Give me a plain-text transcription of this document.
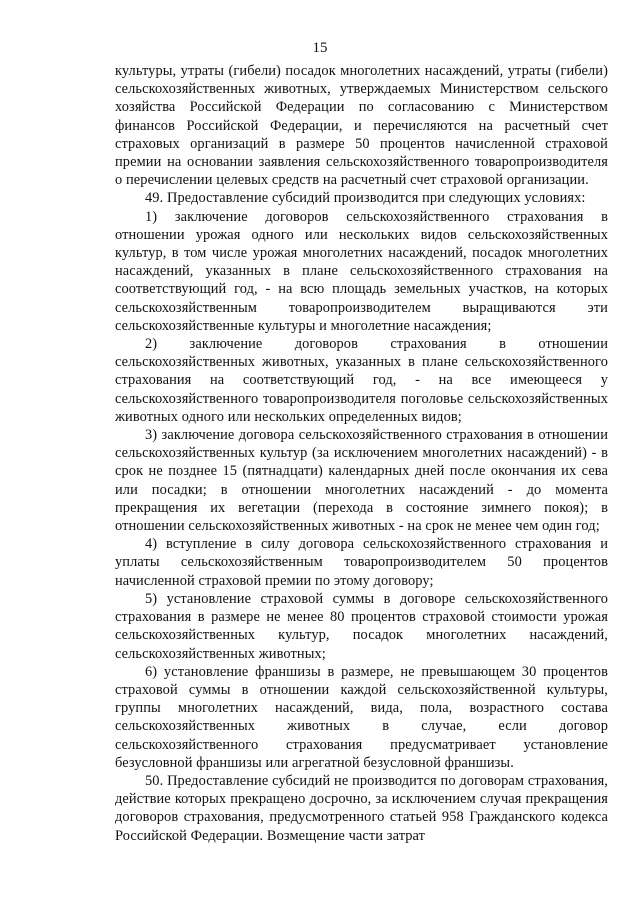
15

культуры, утраты (гибели) посадок многолетних насаждений, утраты (гибели) сельскохозяйственных животных, утверждаемых Министерством сельского хозяйства Российской Федерации по согласованию с Министерством финансов Российской Федерации, и перечисляются на расчетный счет страховых организаций в размере 50 процентов начисленной страховой премии на основании заявления сельскохозяйственного товаропроизводителя о перечислении целевых средств на расчетный счет страховой организации.

49. Предоставление субсидий производится при следующих условиях:

1) заключение договоров сельскохозяйственного страхования в отношении урожая одного или нескольких видов сельскохозяйственных культур, в том числе урожая многолетних насаждений, посадок многолетних насаждений, указанных в плане сельскохозяйственного страхования на соответствующий год, - на всю площадь земельных участков, на которых сельскохозяйственным товаропроизводителем выращиваются эти сельскохозяйственные культуры и многолетние насаждения;

2) заключение договоров страхования в отношении сельскохозяйственных животных, указанных в плане сельскохозяйственного страхования на соответствующий год, - на все имеющееся у сельскохозяйственного товаропроизводителя поголовье сельскохозяйственных животных одного или нескольких определенных видов;

3) заключение договора сельскохозяйственного страхования в отношении сельскохозяйственных культур (за исключением многолетних насаждений) - в срок не позднее 15 (пятнадцати) календарных дней после окончания их сева или посадки; в отношении многолетних насаждений - до момента прекращения их вегетации (перехода в состояние зимнего покоя); в отношении сельскохозяйственных животных - на срок не менее чем один год;

4) вступление в силу договора сельскохозяйственного страхования и уплаты сельскохозяйственным товаропроизводителем 50 процентов начисленной страховой премии по этому договору;

5) установление страховой суммы в договоре сельскохозяйственного страхования в размере не менее 80 процентов страховой стоимости урожая сельскохозяйственных культур, посадок многолетних насаждений, сельскохозяйственных животных;

6) установление франшизы в размере, не превышающем 30 процентов страховой суммы в отношении каждой сельскохозяйственной культуры, группы многолетних насаждений, вида, пола, возрастного состава сельскохозяйственных животных в случае, если договор сельскохозяйственного страхования предусматривает установление безусловной франшизы или агрегатной безусловной франшизы.

50. Предоставление субсидий не производится по договорам страхования, действие которых прекращено досрочно, за исключением случая прекращения договоров страхования, предусмотренного статьей 958 Гражданского кодекса Российской Федерации. Возмещение части затрат
